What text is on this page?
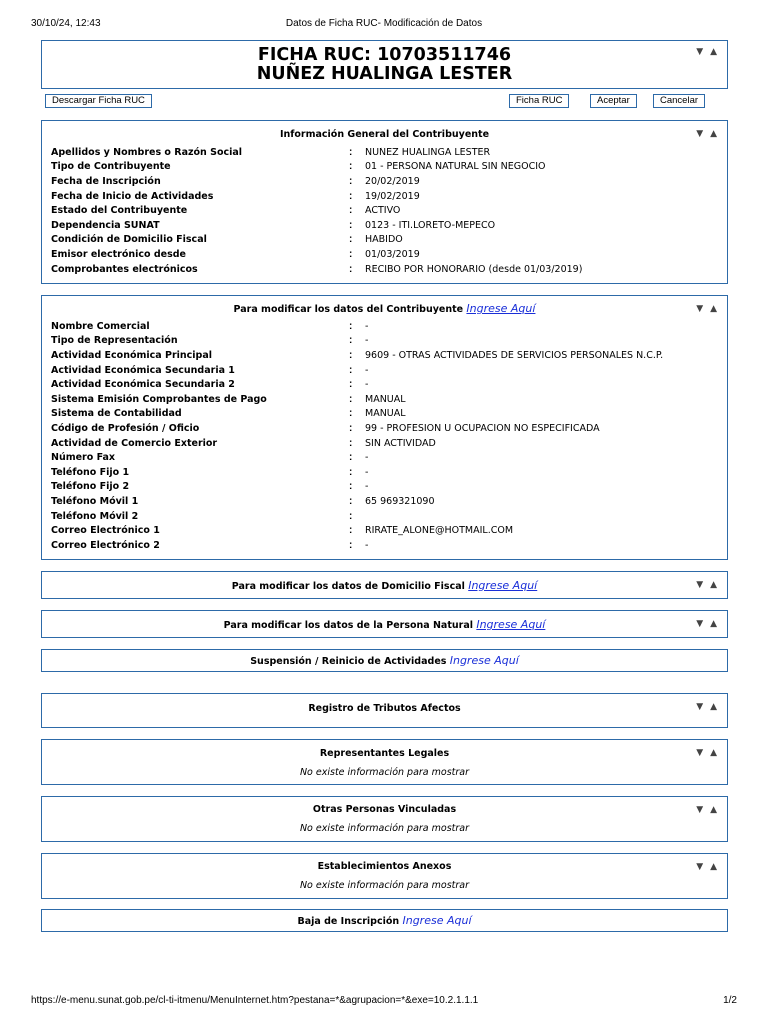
30/10/24, 12:43	Datos de Ficha RUC- Modificación de Datos
FICHA RUC: 10703511746
NUÑEZ HUALINGA LESTER
▼ ▲
Descargar Ficha RUC	Ficha RUC	Aceptar	Cancelar
Información General del Contribuyente	▼ ▲
Apellidos y Nombres o Razón Social	:	NUÑEZ HUALINGA LESTER
Tipo de Contribuyente	:	01 - PERSONA NATURAL SIN NEGOCIO
Fecha de Inscripción	:	20/02/2019
Fecha de Inicio de Actividades	:	19/02/2019
Estado del Contribuyente	:	ACTIVO
Dependencia SUNAT	:	0123 - ITI.LORETO-MEPECO
Condición de Domicilio Fiscal	:	HABIDO
Emisor electrónico desde	:	01/03/2019
Comprobantes electrónicos	:	RECIBO POR HONORARIO (desde 01/03/2019)
Para modificar los datos del Contribuyente Ingrese Aquí	▼ ▲
Nombre Comercial	:	-
Tipo de Representación	:	-
Actividad Económica Principal	:	9609 - OTRAS ACTIVIDADES DE SERVICIOS PERSONALES N.C.P.
Actividad Económica Secundaria 1	:	-
Actividad Económica Secundaria 2	:	-
Sistema Emisión Comprobantes de Pago	:	MANUAL
Sistema de Contabilidad	:	MANUAL
Código de Profesión / Oficio	:	99 - PROFESION U OCUPACION NO ESPECIFICADA
Actividad de Comercio Exterior	:	SIN ACTIVIDAD
Número Fax	:	-
Teléfono Fijo 1	:	-
Teléfono Fijo 2	:	-
Teléfono Móvil 1	:	65 969321090
Teléfono Móvil 2	:
Correo Electrónico 1	:	RIRATE_ALONE@HOTMAIL.COM
Correo Electrónico 2	:	-
Para modificar los datos de Domicilio Fiscal Ingrese Aquí	▼ ▲
Para modificar los datos de la Persona Natural Ingrese Aquí	▼ ▲
Suspensión / Reinicio de Actividades Ingrese Aquí
Registro de Tributos Afectos	▼ ▲
Representantes Legales
No existe información para mostrar
▼ ▲
Otras Personas Vinculadas
No existe información para mostrar
▼ ▲
Establecimientos Anexos
No existe información para mostrar
▼ ▲
Baja de Inscripción Ingrese Aquí
https://e-menu.sunat.gob.pe/cl-ti-itmenu/MenuInternet.htm?pestana=*&agrupacion=*&exe=10.2.1.1.1	1/2
